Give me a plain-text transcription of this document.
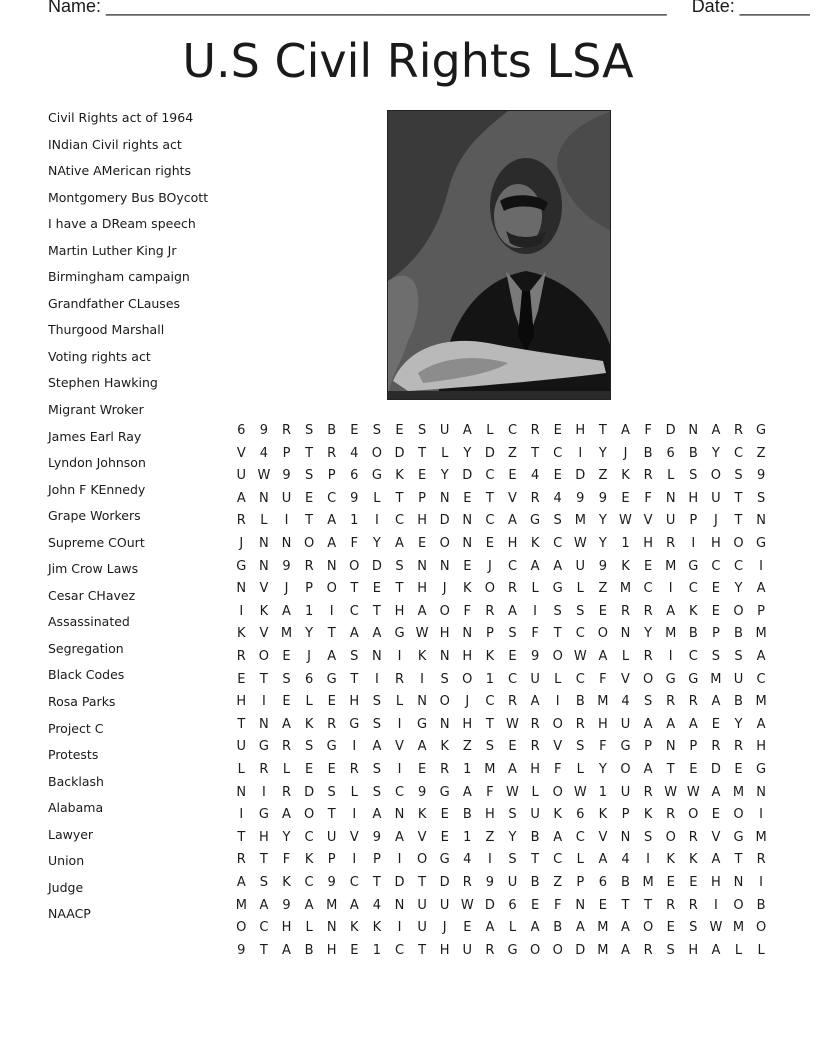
Name: ________________________________________________________ Date: _______
U.S Civil Rights LSA
Civil Rights act of 1964
INdian Civil rights act
NAtive AMerican rights
Montgomery Bus BOycott
I have a DReam speech
Martin Luther King Jr
Birmingham campaign
Grandfather CLauses
Thurgood Marshall
Voting rights act
Stephen Hawking
Migrant Wroker
James Earl Ray
Lyndon Johnson
John F KEnnedy
Grape Workers
Supreme COurt
Jim Crow Laws
Cesar CHavez
Assassinated
Segregation
Black Codes
Rosa Parks
Project C
Protests
Backlash
Alabama
Lawyer
Union
Judge
NAACP
6	9	R	S	B	E	S	E	S	U	A	L	C	R	E	H	T	A	F	D N	A	R	G
V	4	P	T	R	4	O D	T	L	Y	D	Z	T	C	I	Y	J	B	6	B	Y	C	Z
U W 9	S	P	6	G	K	E	Y	D	C	E	4	E	D	Z	K	R	L	S	O	S	9
A	N U	E	C	9	L	T	P	N	E	T	V	R	4	9	9	E	F	N H U	T	S
R	L	I	T	A	1	I	C	H D N	C	A	G	S M	Y W V	U	P	J	T	N
J	N N O	A	F	Y	A	E	O N	E	H	K	C W Y	1	H	R	I	H O G
G N	9	R	N O D	S	N N	E	J	C	A	A	U	9	K	E M G	C	C	I
N	V	J	P	O	T	E	T	H	J	K	O R	L	G	L	Z M C	I	C	E	Y	A
I	K	A	1	I	C	T	H	A	O	F	R	A	I	S	S	E	R	R	A	K	E	O	P
K	V M	Y	T	A	A	G W H N	P	S	F	T	C O N	Y	M B	P	B M
R O	E	J	A	S	N	I	K	N H	K	E	9	O W A	L	R	I	C	S	S	A
E	T	S	6	G	T	I	R	I	S	O	1	C	U	L	C	F	V	O G G M U	C
H	I	E	L	E	H	S	L	N O	J	C	R	A	I	B M 4	S	R	R	A	B M
T	N	A	K	R	G	S	I	G N H	T W R O R	H U	A	A	A	E	Y	A
U G	R	S	G	I	A	V	A	K	Z	S	E	R	V	S	F	G	P	N	P	R	R	H
L	R	L	E	E	R	S	I	E	R	1 M A	H	F	L	Y	O	A	T	E	D	E	G
N	I	R	D	S	L	S	C	9	G	A	F W L	O W 1	U	R W W A M N
I	G	A	O	T	I	A	N	K	E	B	H	S	U	K	6	K	P	K	R O	E	O	I
T	H	Y	C	U	V	9	A	V	E	1	Z	Y	B	A	C	V	N	S	O R	V	G M
R	T	F	K	P	I	P	I	O G	4	I	S	T	C	L	A	4	I	K	K	A	T	R
A	S	K	C	9	C	T	D	T	D	R	9	U	B	Z	P	6	B M E	E	H N	I
M A	9	A M A	4	N U	U W D	6	E	F	N	E	T	T	R	R	I	O	B
O C	H	L	N	K	K	I	U	J	E	A	L	A	B	A M A	O	E	S W M O
9	T	A	B	H	E	1	C	T	H U	R	G O O D M A	R	S	H	A	L	L
